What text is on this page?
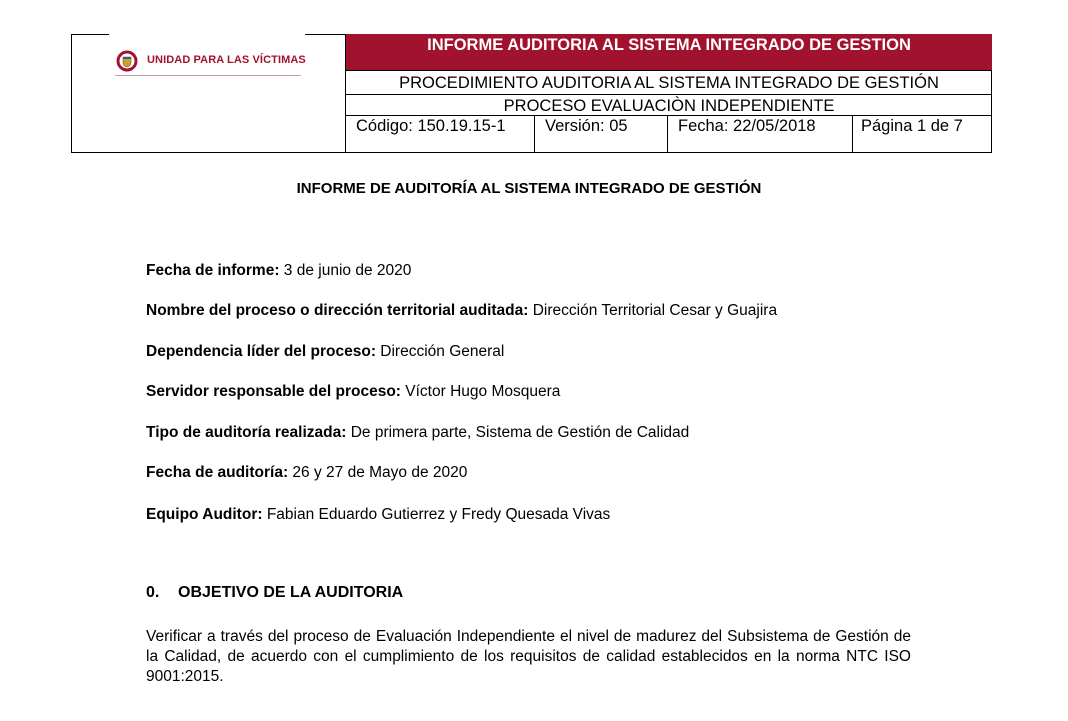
UNIDAD PARA LAS VÍCTIMAS
INFORME AUDITORIA AL SISTEMA INTEGRADO DE GESTION
PROCEDIMIENTO AUDITORIA AL SISTEMA INTEGRADO DE GESTIÓN
PROCESO EVALUACIÒN INDEPENDIENTE
Código: 150.19.15-1	Versión: 05	Fecha: 22/05/2018	Página 1 de 7
INFORME DE AUDITORÍA AL SISTEMA INTEGRADO DE GESTIÓN
Fecha de informe: 3 de junio de 2020
Nombre del proceso o dirección territorial auditada: Dirección Territorial Cesar y Guajira
Dependencia líder del proceso: Dirección General
Servidor responsable del proceso: Víctor Hugo Mosquera
Tipo de auditoría realizada: De primera parte, Sistema de Gestión de Calidad
Fecha de auditoría: 26 y 27 de Mayo de 2020
Equipo Auditor: Fabian Eduardo Gutierrez y Fredy Quesada Vivas
0. OBJETIVO DE LA AUDITORIA
Verificar a través del proceso de Evaluación Independiente el nivel de madurez del Subsistema de Gestión de la Calidad, de acuerdo con el cumplimiento de los requisitos de calidad establecidos en la norma NTC ISO 9001:2015.
